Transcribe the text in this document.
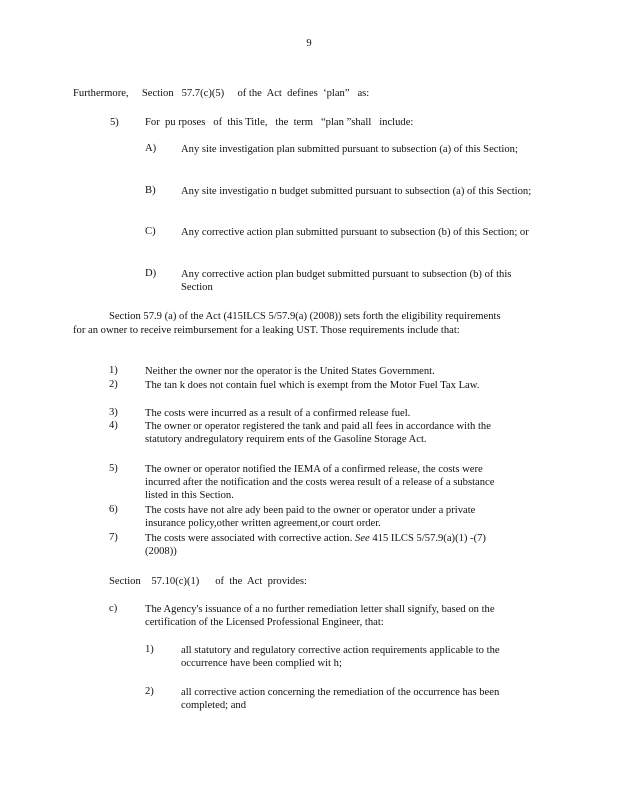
9
Furthermore,     Section   57.7(c)(5)     of the  Act  defines  ‘plan”   as:

5)

For  pu rposes   of  this Title,   the  term   “plan ”shall   include:

A) Any site investigation plan submitted pursuant to subsection (a) of this Section;
B) Any site investigatio n budget submitted pursuant to subsection (a) of this Section;
C) Any corrective action plan submitted pursuant to subsection (b) of this Section; or
D) Any corrective action plan budget submitted pursuant to subsection (b) of this Section
Section 57.9 (a) of the Act (415ILCS 5/57.9(a) (2008)) sets forth the eligibility requirements for an owner to receive reimbursement for a leaking UST. Those requirements include that:
1)	Neither the owner nor the operator is the United States Government.
2)	The tan k does not contain fuel which is exempt from the Motor Fuel Tax Law.
3)	The costs were incurred as a result of a confirmed release fuel.
4)	The owner or operator registered the tank and paid all fees in accordance with the statutory andregulatory requirem ents of the Gasoline Storage Act.
5)	The owner or operator notified the IEMA of a confirmed release, the costs were incurred after the notification and the costs werea result of a release of a substance listed in this Section.
6)	The costs have not alre ady been paid to the owner or operator under a private insurance policy,other written agreement,or court order.
7)	The costs were associated with corrective action. See 415 ILCS 5/57.9(a)(1) -(7) (2008))
Section    57.10(c)(1)      of  the  Act  provides:
c)	The Agency's issuance of a no further remediation letter shall signify, based on the certification of the Licensed Professional Engineer, that:
1)	all statutory and regulatory corrective action requirements applicable to the occurrence have been complied wit h;
2)	all corrective action concerning the remediation of the occurrence has been completed; and
